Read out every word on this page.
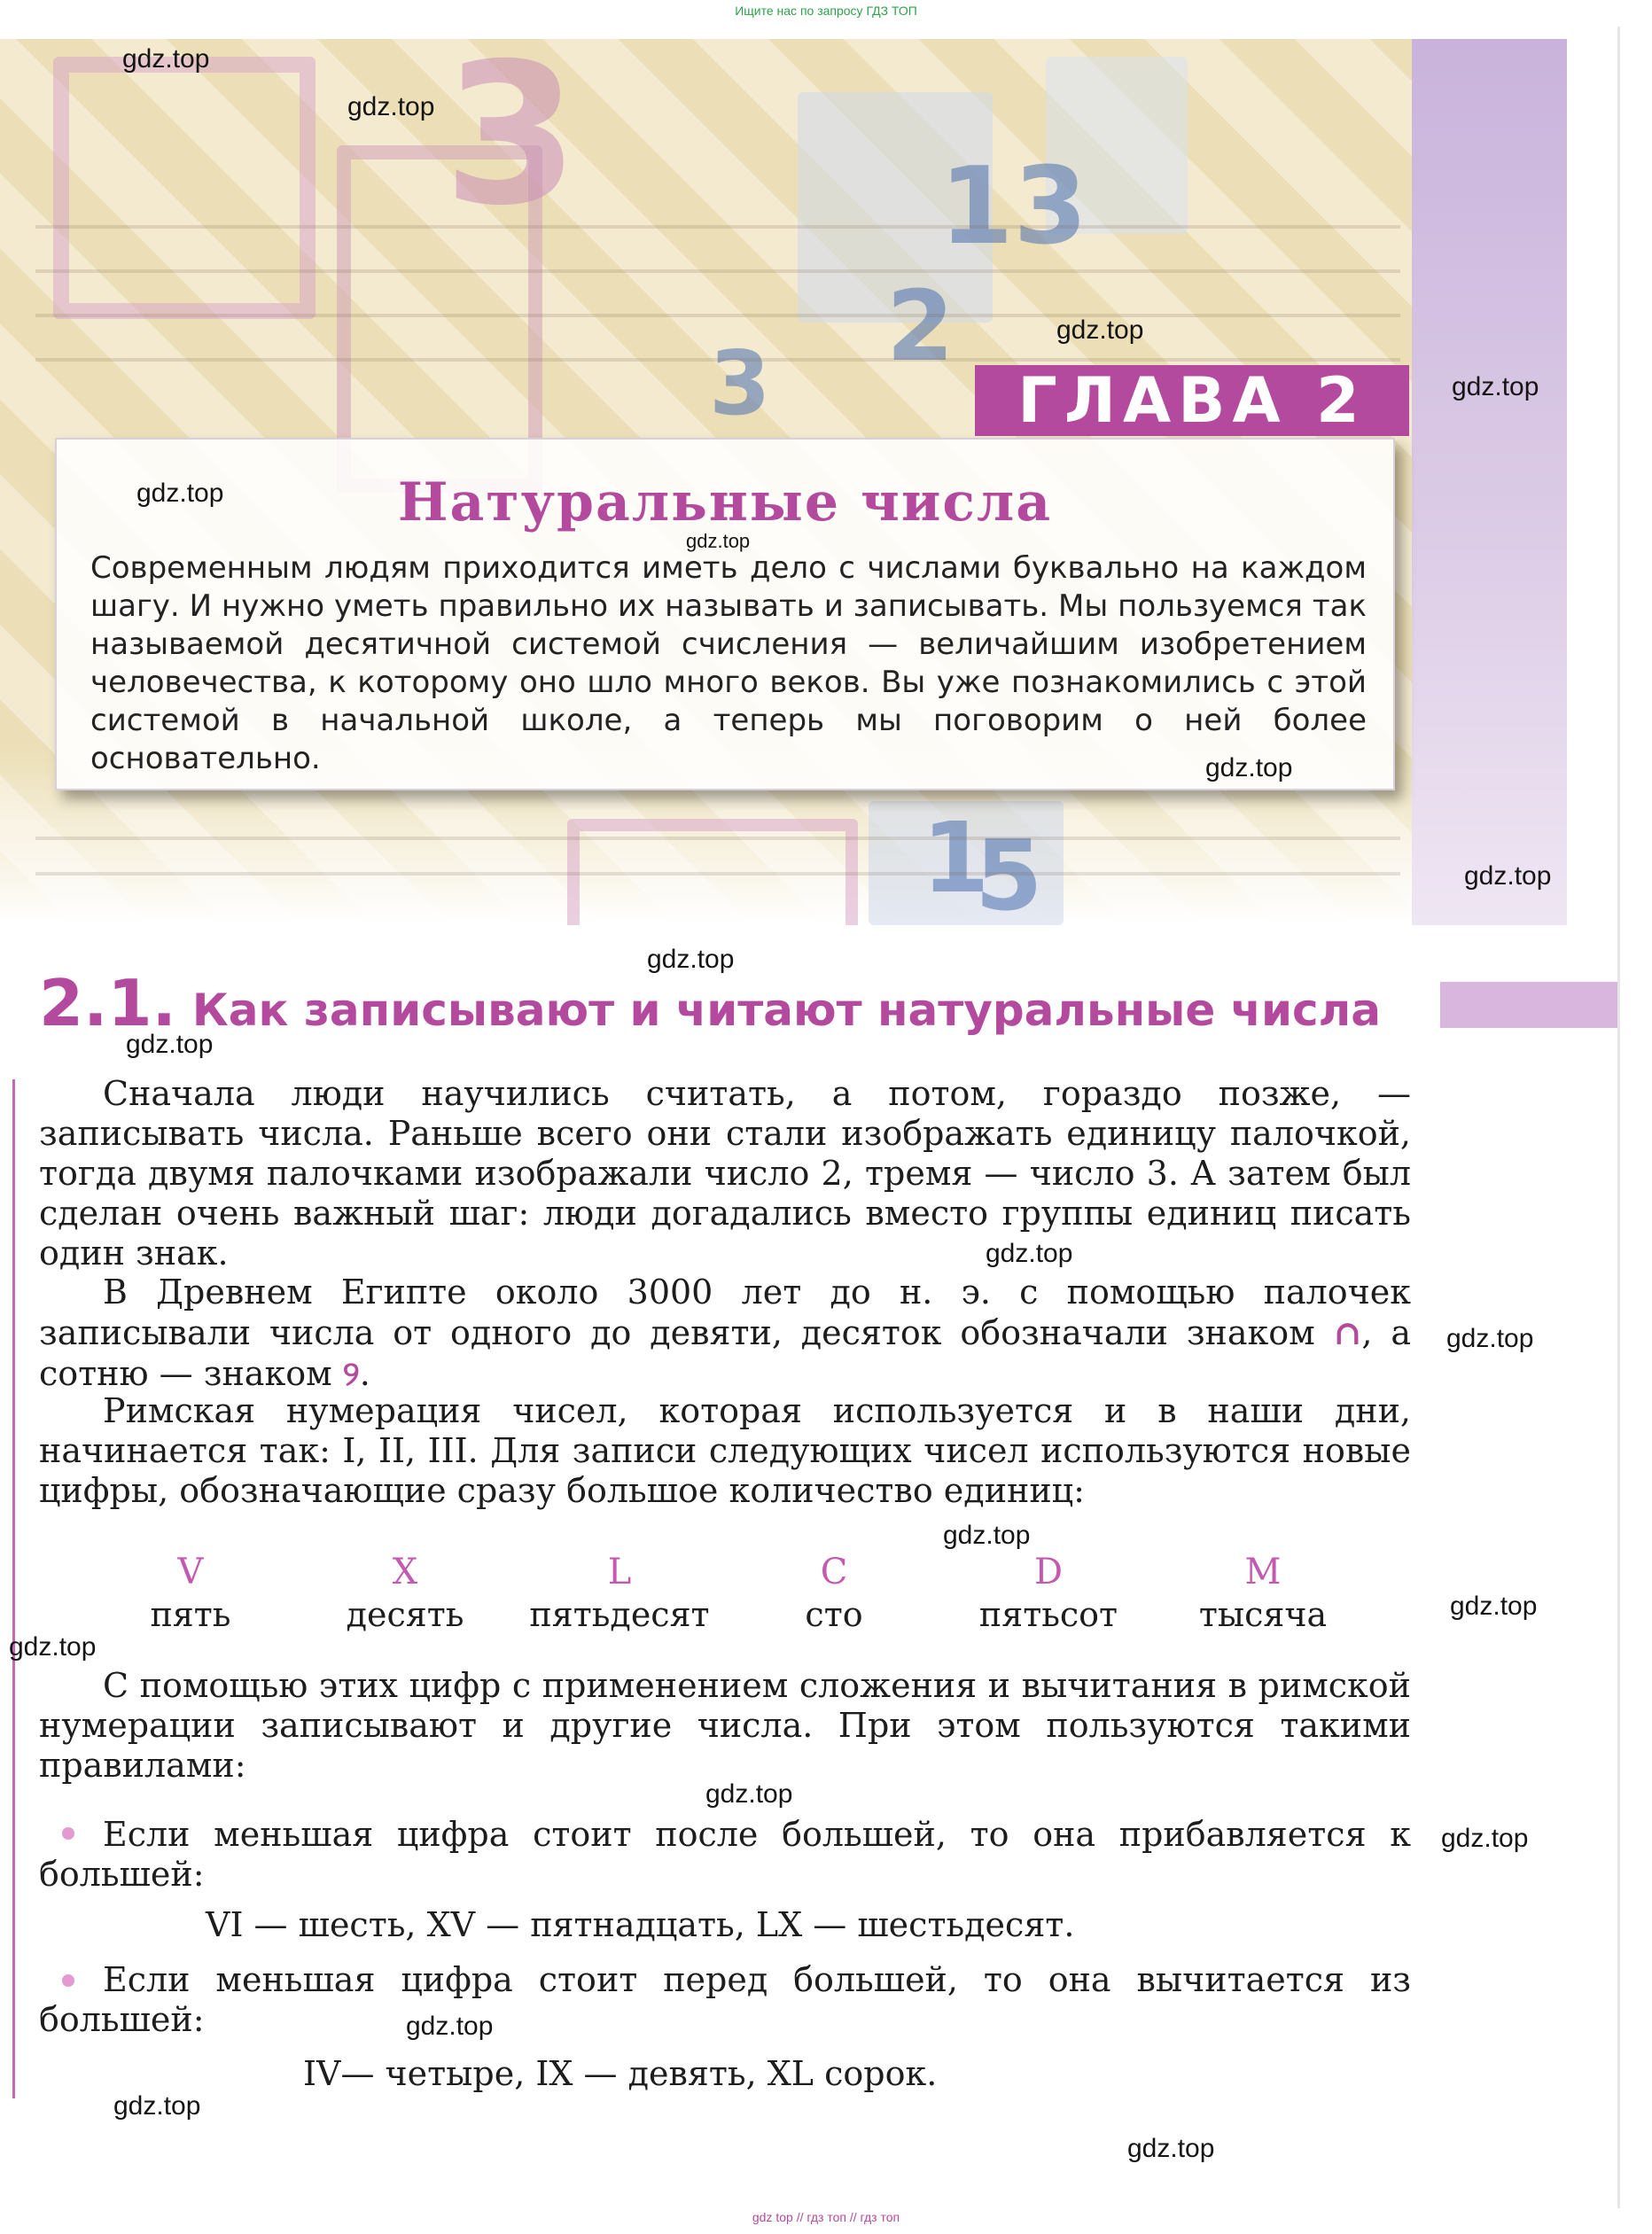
Ищите нас по запросу ГДЗ ТОП
3	13
2
3
1
5
ГЛАВА 2
Натуральные числа
Современным людям приходится иметь дело с числами буквально на каждом шагу. И нужно уметь правильно их называть и записывать. Мы пользуемся так называемой десятичной системой счисления — величайшим изобретением человечества, к которому оно шло много веков. Вы уже познакомились с этой системой в начальной школе, а теперь мы поговорим о ней более основательно.
2.1. Как записывают и читают натуральные числа
Сначала люди научились считать, а потом, гораздо позже, — записывать числа. Раньше всего они стали изображать единицу палочкой, тогда двумя палочками изображали число 2, тремя — число 3. А затем был сделан очень важный шаг: люди догадались вместо группы единиц писать один знак.
В Древнем Египте около 3000 лет до н. э. с помощью палочек записывали числа от одного до девяти, десяток обозначали знаком ∩, а сотню — знаком ୨.
Римская нумерация чисел, которая используется и в наши дни, начинается так: I, II, III. Для записи следующих чисел используются новые цифры, обозначающие сразу большое количество единиц:
V
пять
X
десять
L
пятьдесят
C
сто
D
пятьсот
M
тысяча
С помощью этих цифр с применением сложения и вычитания в римской нумерации записывают и другие числа. При этом пользуются такими правилами:
Если меньшая цифра стоит после большей, то она прибавляется к большей:
VI — шесть, XV — пятнадцать, LX — шестьдесят.
Если меньшая цифра стоит перед большей, то она вычитается из большей:
IV— четыре, IX — девять, XL сорок.
gdz.top
gdz.top
gdz.top
gdz.top
gdz.top
gdz.top
gdz.top
gdz.top
gdz.top
gdz.top
gdz.top
gdz.top
gdz.top
gdz.top
gdz.top
gdz.top
gdz.top
gdz.top
gdz.top
gdz.top
gdz top // гдз топ // гдз топ
